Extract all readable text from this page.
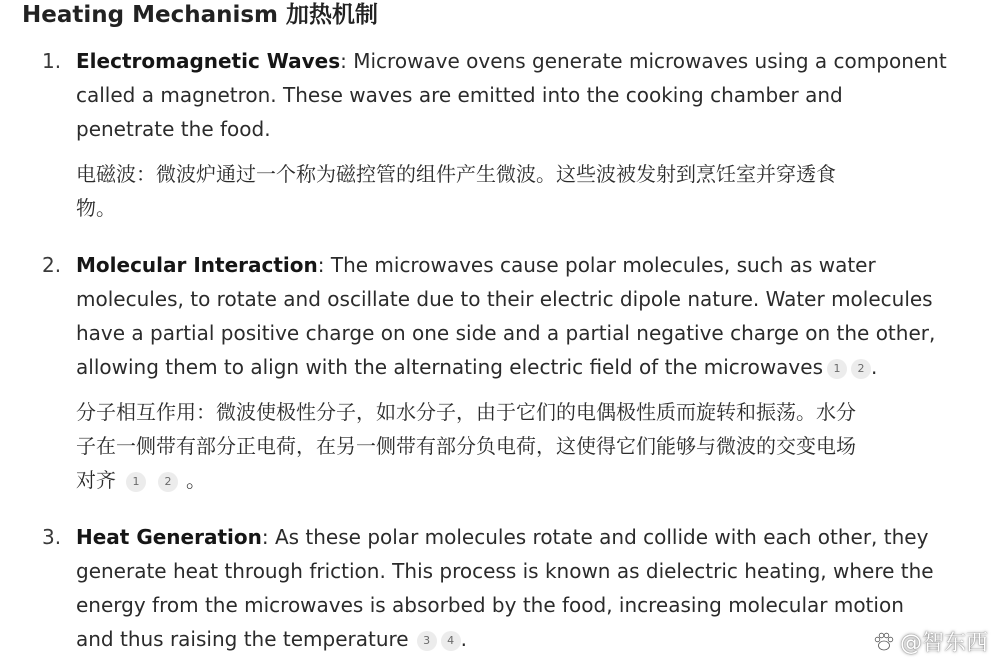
Heating Mechanism 加热机制
1. Electromagnetic Waves: Microwave ovens generate microwaves using a component
called a magnetron. These waves are emitted into the cooking chamber and
penetrate the food.
电磁波：微波炉通过一个称为磁控管的组件产生微波。这些波被发射到烹饪室并穿透食
物。
2. Molecular Interaction: The microwaves cause polar molecules, such as water
molecules, to rotate and oscillate due to their electric dipole nature. Water molecules
have a partial positive charge on one side and a partial negative charge on the other,
allowing them to align with the alternating electric field of the microwaves 1 2 .
分子相互作用：微波使极性分子，如水分子，由于它们的电偶极性质而旋转和振荡。水分
子在一侧带有部分正电荷，在另一侧带有部分负电荷，这使得它们能够与微波的交变电场
对齐 1 2 。
3. Heat Generation: As these polar molecules rotate and collide with each other, they
generate heat through friction. This process is known as dielectric heating, where the
energy from the microwaves is absorbed by the food, increasing molecular motion
and thus raising the temperature 3 4 .	@智东西
